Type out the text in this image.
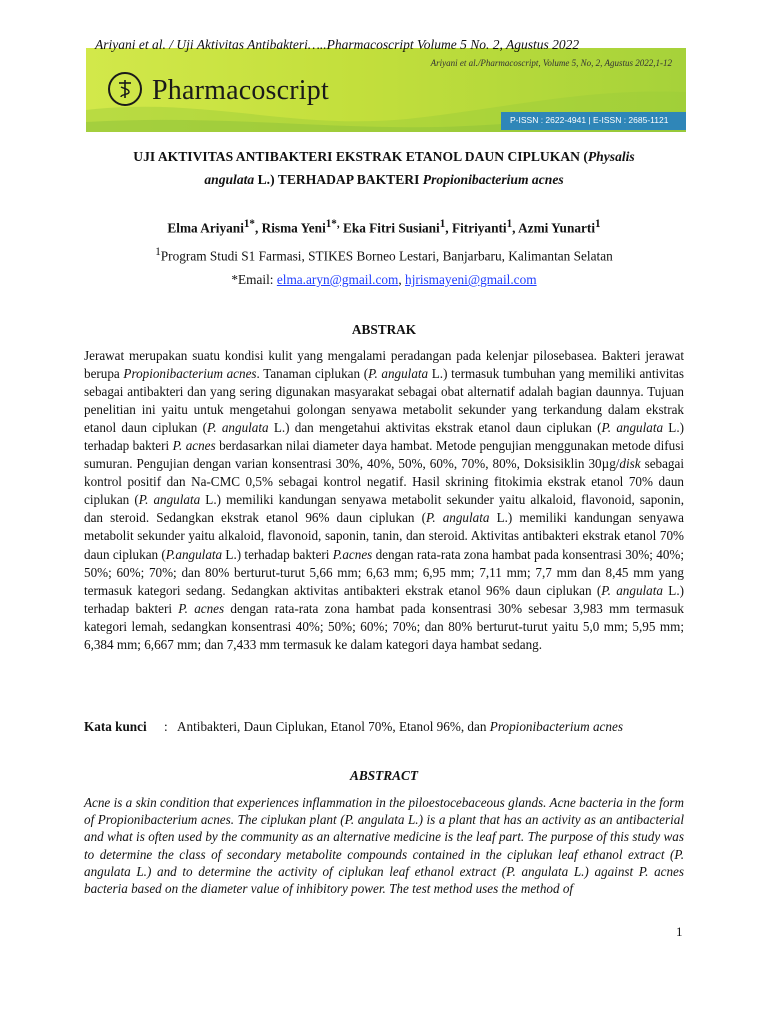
Ariyani et al./Pharmacoscript, Volume 5, No, 2, Agustus 2022,1-12
Pharmacoscript
P-ISSN : 2622-4941 | E-ISSN : 2685-1121
Ariyani et al. / Uji Aktivitas Antibakteri…..Pharmacoscript Volume 5 No. 2, Agustus 2022
UJI AKTIVITAS ANTIBAKTERI EKSTRAK ETANOL DAUN CIPLUKAN (Physalis
angulata L.) TERHADAP BAKTERI Propionibacterium acnes
Elma Ariyani$^{1*}$, Risma Yeni$^{1*,}$ Eka Fitri Susiani$^1$, Fitriyanti$^1$, Azmi Yunarti$^1$
$^1$Program Studi S1 Farmasi, STIKES Borneo Lestari, Banjarbaru, Kalimantan Selatan
*Email: elma.aryn@gmail.com, hjrismayeni@gmail.com
ABSTRAK
Jerawat merupakan suatu kondisi kulit yang mengalami peradangan pada kelenjar pilosebasea. Bakteri jerawat berupa Propionibacterium acnes. Tanaman ciplukan (P. angulata L.) termasuk tumbuhan yang memiliki antivitas sebagai antibakteri dan yang sering digunakan masyarakat sebagai obat alternatif adalah bagian daunnya. Tujuan penelitian ini yaitu untuk mengetahui golongan senyawa metabolit sekunder yang terkandung dalam ekstrak etanol daun ciplukan (P. angulata L.) dan mengetahui aktivitas ekstrak etanol daun ciplukan (P. angulata L.) terhadap bakteri P. acnes berdasarkan nilai diameter daya hambat. Metode pengujian menggunakan metode difusi sumuran. Pengujian dengan varian konsentrasi 30%, 40%, 50%, 60%, 70%, 80%, Doksisiklin 30µg/disk sebagai kontrol positif dan Na-CMC 0,5% sebagai kontrol negatif. Hasil skrining fitokimia ekstrak etanol 70% daun ciplukan (P. angulata L.) memiliki kandungan senyawa metabolit sekunder yaitu alkaloid, flavonoid, saponin, dan steroid. Sedangkan ekstrak etanol 96% daun ciplukan (P. angulata L.) memiliki kandungan senyawa metabolit sekunder yaitu alkaloid, flavonoid, saponin, tanin, dan steroid. Aktivitas antibakteri ekstrak etanol 70% daun ciplukan (P.angulata L.) terhadap bakteri P.acnes dengan rata-rata zona hambat pada konsentrasi 30%; 40%; 50%; 60%; 70%; dan 80% berturut-turut 5,66 mm; 6,63 mm; 6,95 mm; 7,11 mm; 7,7 mm dan 8,45 mm yang termasuk kategori sedang. Sedangkan aktivitas antibakteri ekstrak etanol 96% daun ciplukan (P. angulata L.) terhadap bakteri P. acnes dengan rata-rata zona hambat pada konsentrasi 30% sebesar 3,983 mm termasuk kategori lemah, sedangkan konsentrasi 40%; 50%; 60%; 70%; dan 80% berturut-turut yaitu 5,0 mm; 5,95 mm; 6,384 mm; 6,667 mm; dan 7,433 mm termasuk ke dalam kategori daya hambat sedang.
Kata kunci : Antibakteri, Daun Ciplukan, Etanol 70%, Etanol 96%, dan Propionibacterium acnes
ABSTRACT
Acne is a skin condition that experiences inflammation in the piloestocebaceous glands. Acne bacteria in the form of Propionibacterium acnes. The ciplukan plant (P. angulata L.) is a plant that has an activity as an antibacterial and what is often used by the community as an alternative medicine is the leaf part. The purpose of this study was to determine the class of secondary metabolite compounds contained in the ciplukan leaf ethanol extract (P. angulata L.) and to determine the activity of ciplukan leaf ethanol extract (P. angulata L.) against P. acnes bacteria based on the diameter value of inhibitory power. The test method uses the method of
1
